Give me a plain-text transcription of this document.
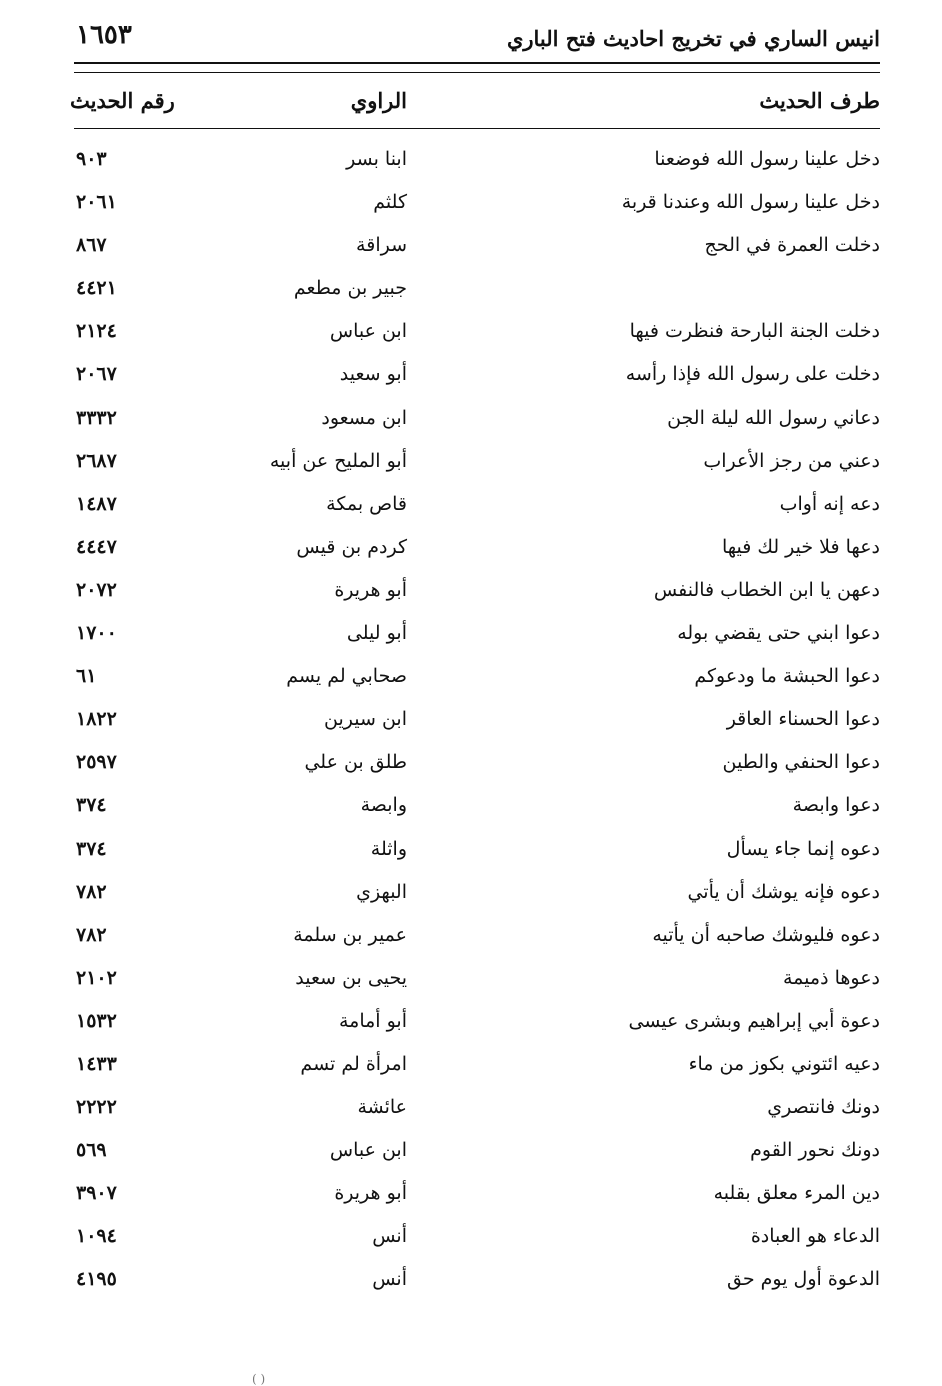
انيس الساري في تخريج احاديث فتح الباري
١٦٥٣
طرف الحديث
الراوي
رقم الحديث
دخل علينا رسول الله فوضعنا
ابنا بسر
٩٠٣
دخل علينا رسول الله وعندنا قربة
كلثم
٢٠٦١
دخلت العمرة في الحج
سراقة
٨٦٧
جبير بن مطعم
٤٤٢١
دخلت الجنة البارحة فنظرت فيها
ابن عباس
٢١٢٤
دخلت على رسول الله فإذا رأسه
أبو سعيد
٢٠٦٧
دعاني رسول الله ليلة الجن
ابن مسعود
٣٣٣٢
دعني من رجز الأعراب
أبو المليح عن أبيه
٢٦٨٧
دعه إنه أواب
قاص بمكة
١٤٨٧
دعها فلا خير لك فيها
كردم بن قيس
٤٤٤٧
دعهن يا ابن الخطاب فالنفس
أبو هريرة
٢٠٧٢
دعوا ابني حتى يقضي بوله
أبو ليلى
١٧٠٠
دعوا الحبشة ما ودعوكم
صحابي لم يسم
٦١
دعوا الحسناء العاقر
ابن سيرين
١٨٢٢
دعوا الحنفي والطين
طلق بن علي
٢٥٩٧
دعوا وابصة
وابصة
٣٧٤
دعوه إنما جاء يسأل
واثلة
٣٧٤
دعوه فإنه يوشك أن يأتي
البهزي
٧٨٢
دعوه فليوشك صاحبه أن يأتيه
عمير بن سلمة
٧٨٢
دعوها ذميمة
يحيى بن سعيد
٢١٠٢
دعوة أبي إبراهيم وبشرى عيسى
أبو أمامة
١٥٣٢
دعيه ائتوني بكوز من ماء
امرأة لم تسم
١٤٣٣
دونك فانتصري
عائشة
٢٢٢٢
دونك نحور القوم
ابن عباس
٥٦٩
دين المرء معلق بقلبه
أبو هريرة
٣٩٠٧
الدعاء هو العبادة
أنس
١٠٩٤
الدعوة أول يوم حق
أنس
٤١٩٥
( )
